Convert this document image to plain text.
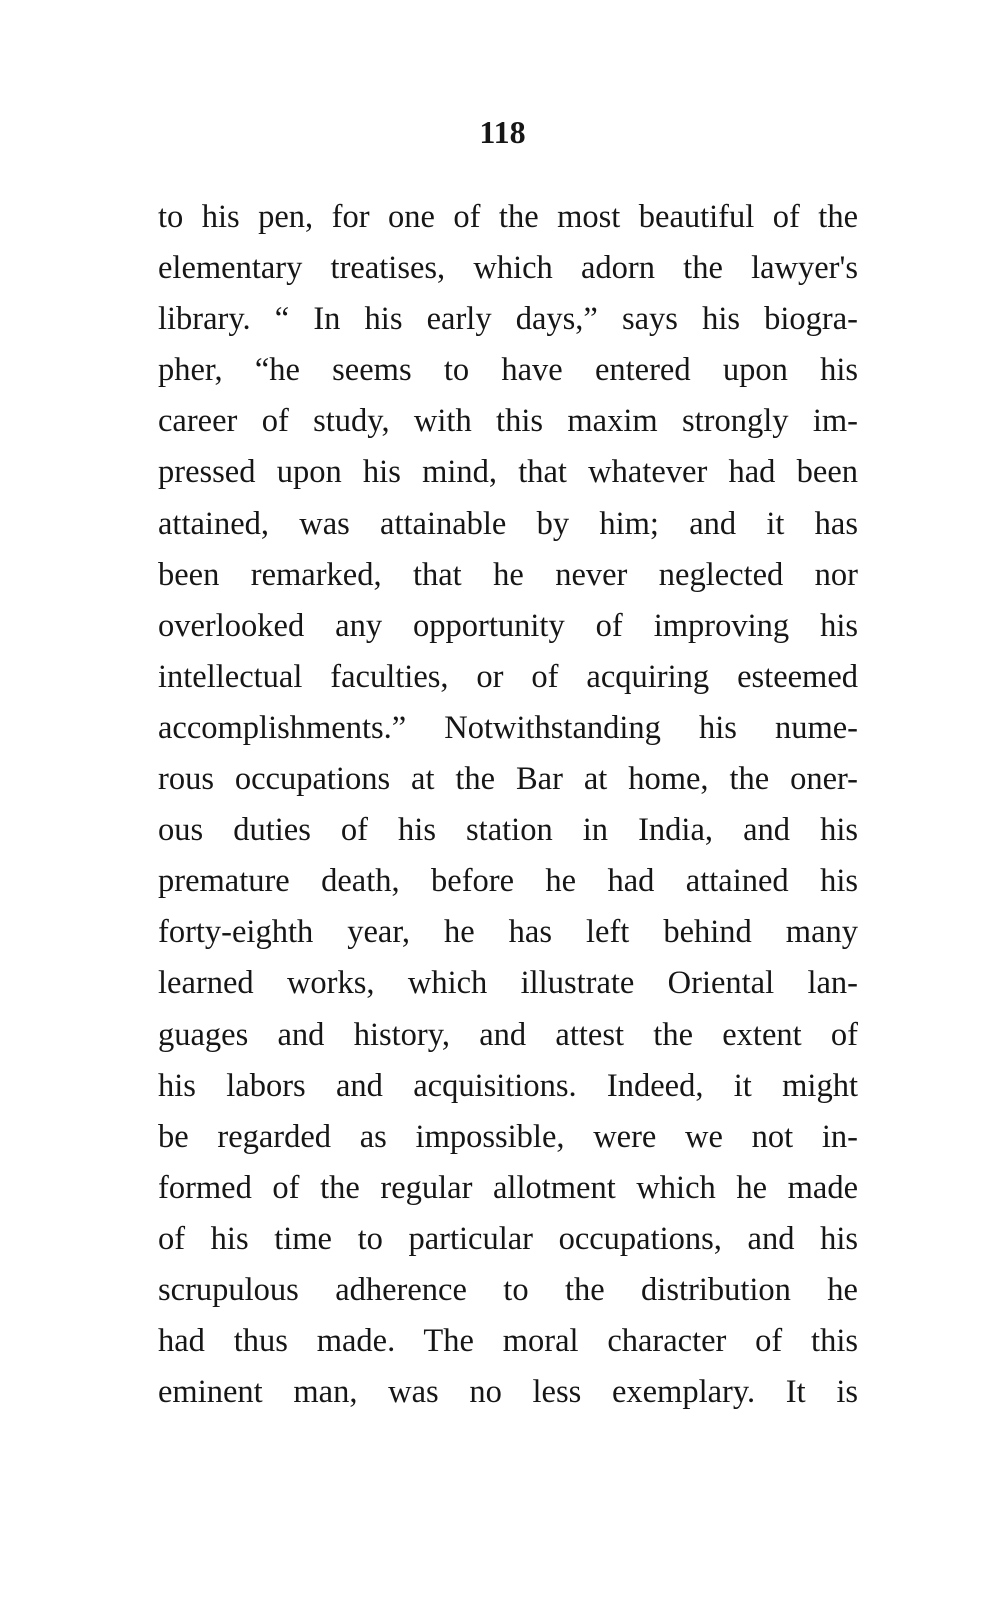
118
to his pen, for one of the most beautiful of the
elementary treatises, which adorn the lawyer's
library. “ In his early days,” says his biogra-
pher, “he seems to have entered upon his
career of study, with this maxim strongly im-
pressed upon his mind, that whatever had been
attained, was attainable by him; and it has
been remarked, that he never neglected nor
overlooked any opportunity of improving his
intellectual faculties, or of acquiring esteemed
accomplishments.” Notwithstanding his nume-
rous occupations at the Bar at home, the oner-
ous duties of his station in India, and his
premature death, before he had attained his
forty-eighth year, he has left behind many
learned works, which illustrate Oriental lan-
guages and history, and attest the extent of
his labors and acquisitions. Indeed, it might
be regarded as impossible, were we not in-
formed of the regular allotment which he made
of his time to particular occupations, and his
scrupulous adherence to the distribution he
had thus made. The moral character of this
eminent man, was no less exemplary. It is
